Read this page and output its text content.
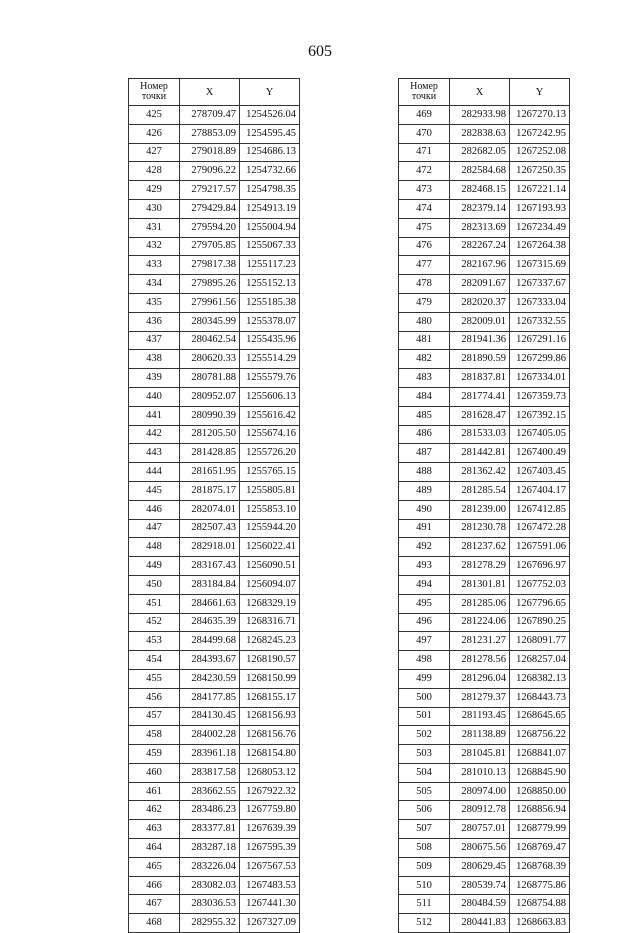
605
Номер
точки	X	Y
425	278709.47	1254526.04
426	278853.09	1254595.45
427	279018.89	1254686.13
428	279096.22	1254732.66
429	279217.57	1254798.35
430	279429.84	1254913.19
431	279594.20	1255004.94
432	279705.85	1255067.33
433	279817.38	1255117.23
434	279895.26	1255152.13
435	279961.56	1255185.38
436	280345.99	1255378.07
437	280462.54	1255435.96
438	280620.33	1255514.29
439	280781.88	1255579.76
440	280952.07	1255606.13
441	280990.39	1255616.42
442	281205.50	1255674.16
443	281428.85	1255726.20
444	281651.95	1255765.15
445	281875.17	1255805.81
446	282074.01	1255853.10
447	282507.43	1255944.20
448	282918.01	1256022.41
449	283167.43	1256090.51
450	283184.84	1256094.07
451	284661.63	1268329.19
452	284635.39	1268316.71
453	284499.68	1268245.23
454	284393.67	1268190.57
455	284230.59	1268150.99
456	284177.85	1268155.17
457	284130.45	1268156.93
458	284002.28	1268156.76
459	283961.18	1268154.80
460	283817.58	1268053.12
461	283662.55	1267922.32
462	283486.23	1267759.80
463	283377.81	1267639.39
464	283287.18	1267595.39
465	283226.04	1267567.53
466	283082.03	1267483.53
467	283036.53	1267441.30
468	282955.32	1267327.09
Номер
точки	X	Y
469	282933.98	1267270.13
470	282838.63	1267242.95
471	282682.05	1267252.08
472	282584.68	1267250.35
473	282468.15	1267221.14
474	282379.14	1267193.93
475	282313.69	1267234.49
476	282267.24	1267264.38
477	282167.96	1267315.69
478	282091.67	1267337.67
479	282020.37	1267333.04
480	282009.01	1267332.55
481	281941.36	1267291.16
482	281890.59	1267299.86
483	281837.81	1267334.01
484	281774.41	1267359.73
485	281628.47	1267392.15
486	281533.03	1267405.05
487	281442.81	1267400.49
488	281362.42	1267403.45
489	281285.54	1267404.17
490	281239.00	1267412.85
491	281230.78	1267472.28
492	281237.62	1267591.06
493	281278.29	1267696.97
494	281301.81	1267752.03
495	281285.06	1267796.65
496	281224.06	1267890.25
497	281231.27	1268091.77
498	281278.56	1268257.04
499	281296.04	1268382.13
500	281279.37	1268443.73
501	281193.45	1268645.65
502	281138.89	1268756.22
503	281045.81	1268841.07
504	281010.13	1268845.90
505	280974.00	1268850.00
506	280912.78	1268856.94
507	280757.01	1268779.99
508	280675.56	1268769.47
509	280629.45	1268768.39
510	280539.74	1268775.86
511	280484.59	1268754.88
512	280441.83	1268663.83
